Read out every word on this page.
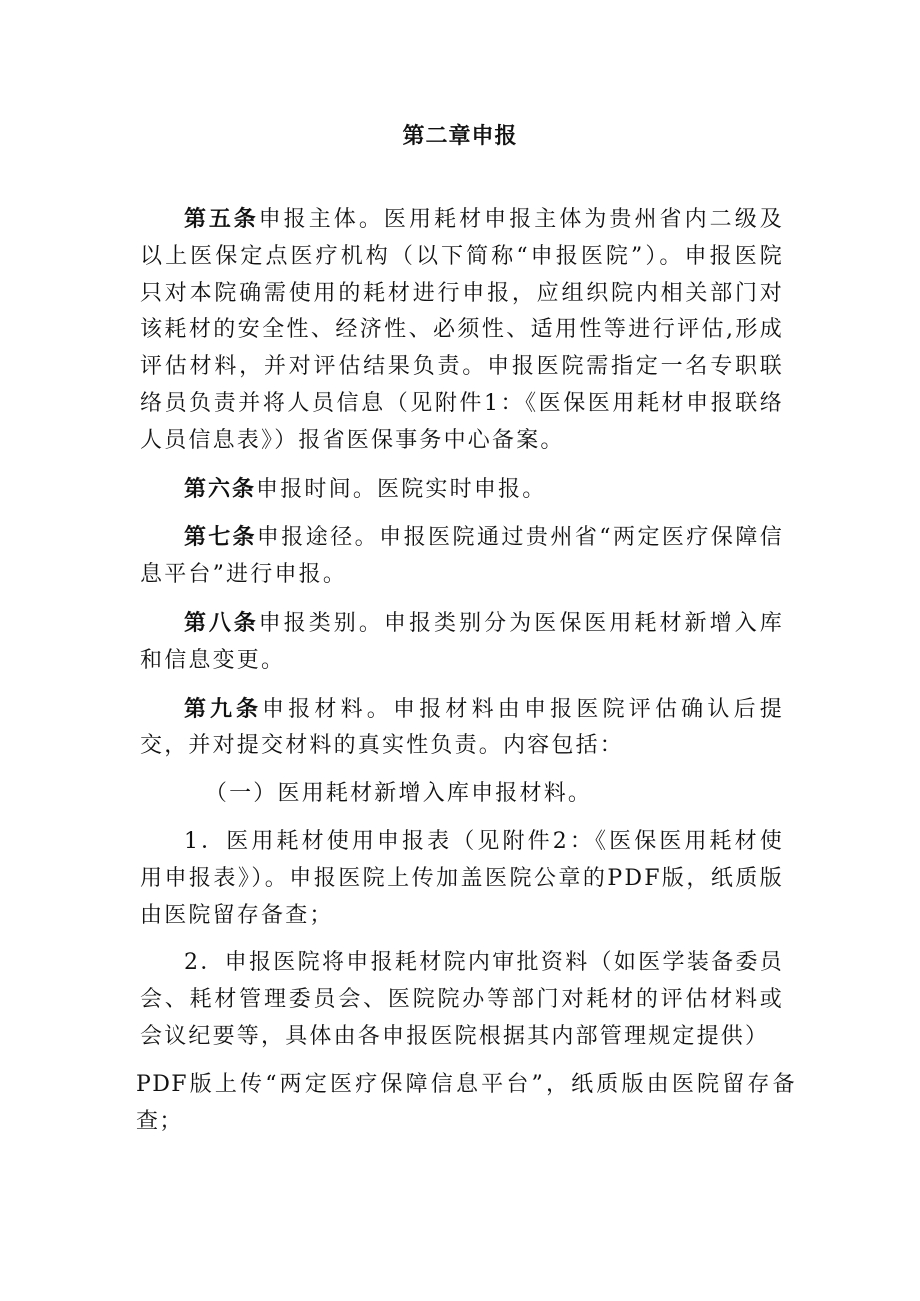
第二章申报

第五条申报主体。医用耗材申报主体为贵州省内二级及以上医保定点医疗机构（以下简称“申报医院”）。申报医院只对本院确需使用的耗材进行申报，应组织院内相关部门对该耗材的安全性、经济性、必须性、适用性等进行评估,形成评估材料，并对评估结果负责。申报医院需指定一名专职联络员负责并将人员信息（见附件1：《医保医用耗材申报联络人员信息表》）报省医保事务中心备案。

第六条申报时间。医院实时申报。

第七条申报途径。申报医院通过贵州省“两定医疗保障信息平台”进行申报。

第八条申报类别。申报类别分为医保医用耗材新增入库和信息变更。

第九条申报材料。申报材料由申报医院评估确认后提交，并对提交材料的真实性负责。内容包括：

（一）医用耗材新增入库申报材料。

1．医用耗材使用申报表（见附件2：《医保医用耗材使用申报表》）。申报医院上传加盖医院公章的PDF版，纸质版由医院留存备查；

2．申报医院将申报耗材院内审批资料（如医学装备委员会、耗材管理委员会、医院院办等部门对耗材的评估材料或会议纪要等，具体由各申报医院根据其内部管理规定提供）

PDF版上传“两定医疗保障信息平台”，纸质版由医院留存备查；
